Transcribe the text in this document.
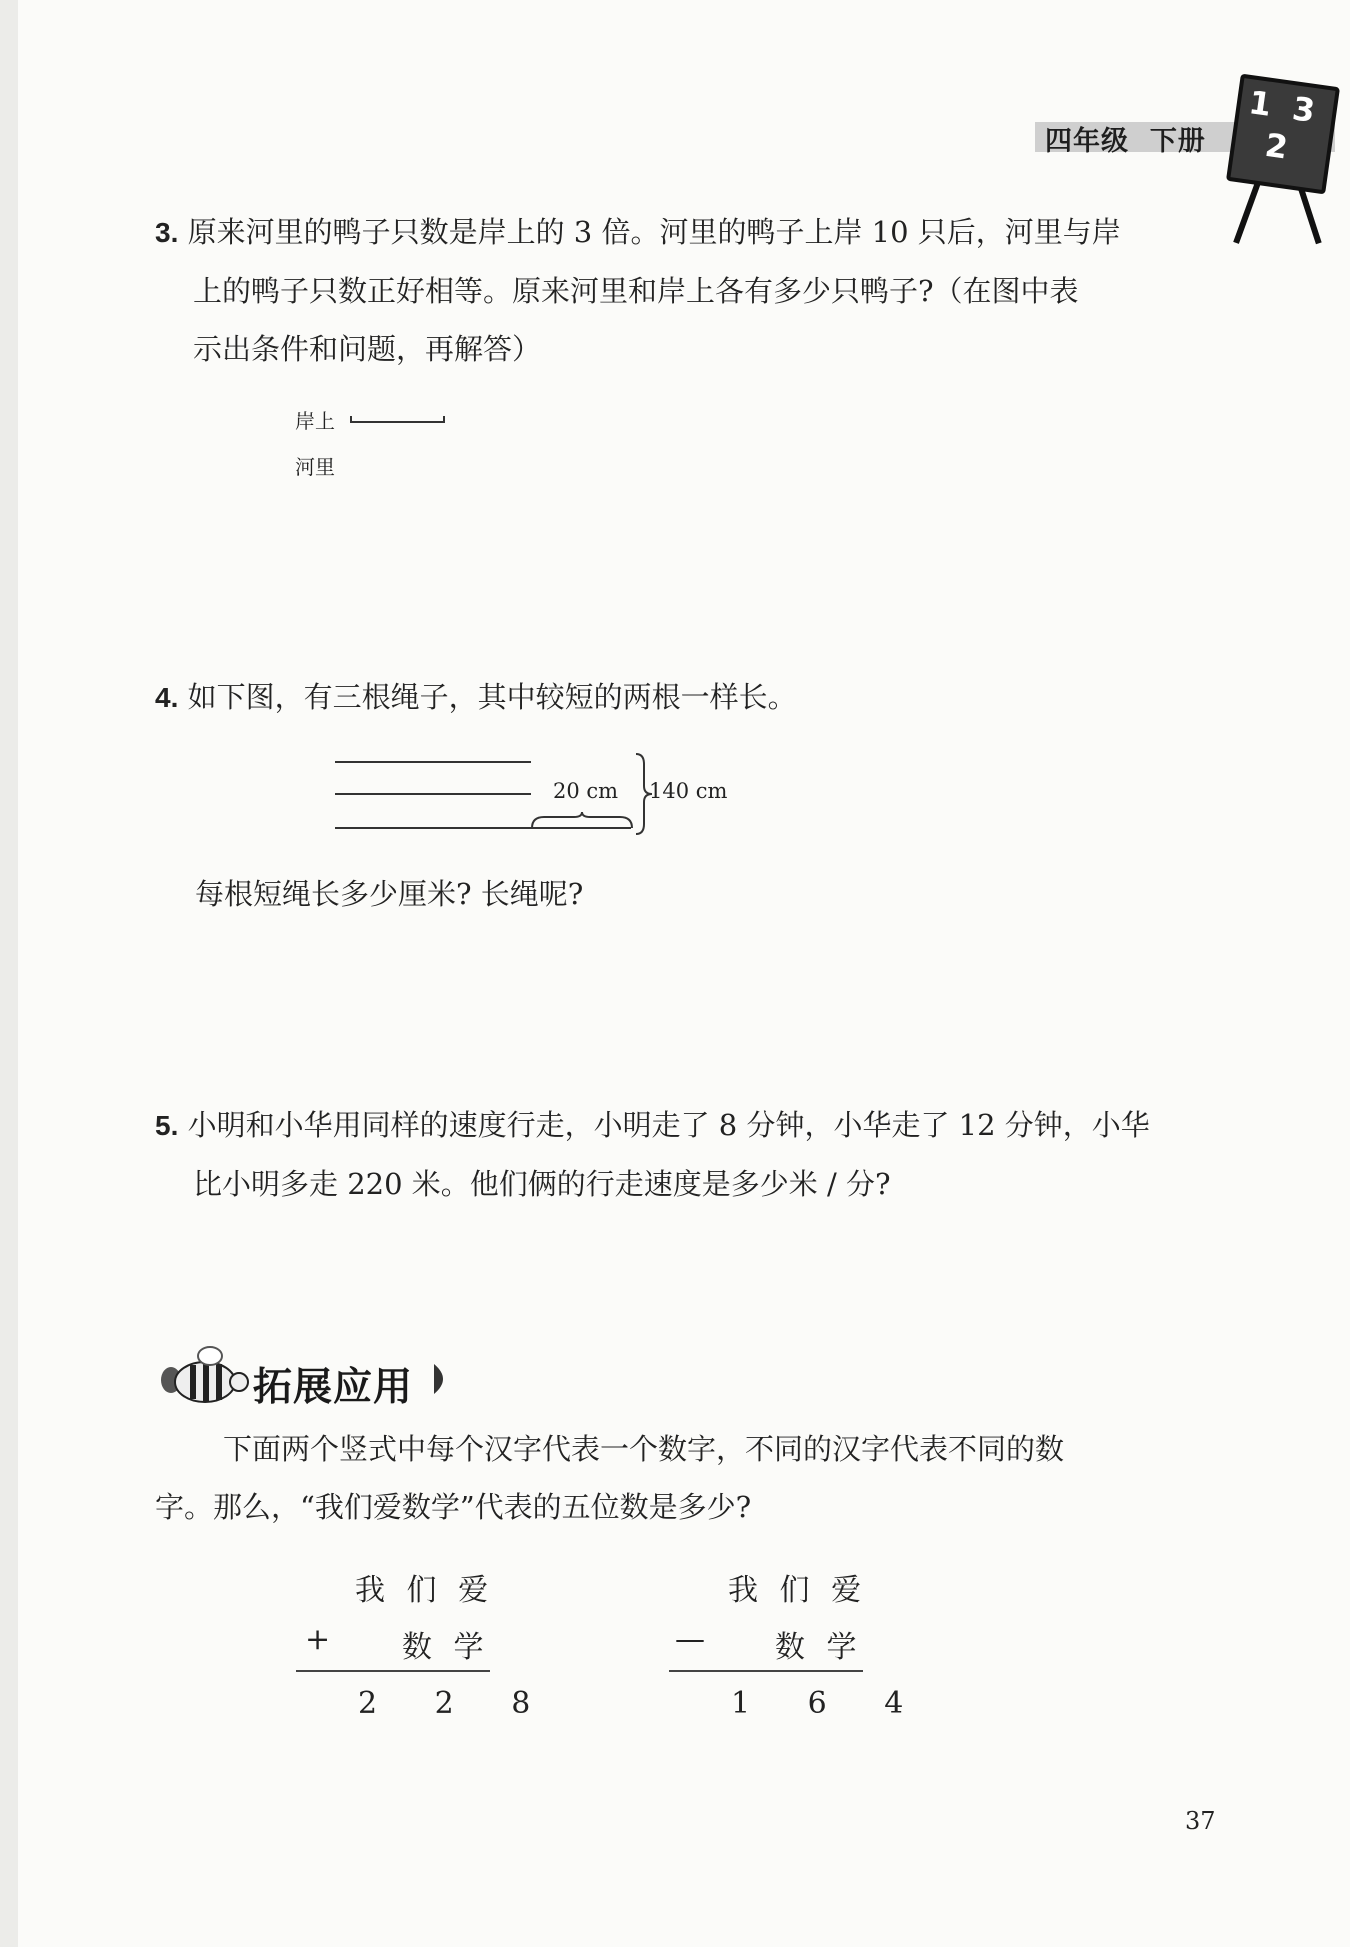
四年级 下册
1 3
2
3. 原来河里的鸭子只数是岸上的 3 倍。河里的鸭子上岸 10 只后，河里与岸
上的鸭子只数正好相等。原来河里和岸上各有多少只鸭子?（在图中表
示出条件和问题，再解答）
岸上
河里
4. 如下图，有三根绳子，其中较短的两根一样长。
20 cm 140 cm
每根短绳长多少厘米? 长绳呢?
5. 小明和小华用同样的速度行走，小明走了 8 分钟，小华走了 12 分钟，小华
比小明多走 220 米。他们俩的行走速度是多少米 / 分?
拓展应用
下面两个竖式中每个汉字代表一个数字，不同的汉字代表不同的数
字。那么，“我们爱数学”代表的五位数是多少?
我 们 爱
+ 数 学
2 2 8
我 们 爱
— 数 学
1 6 4
37
